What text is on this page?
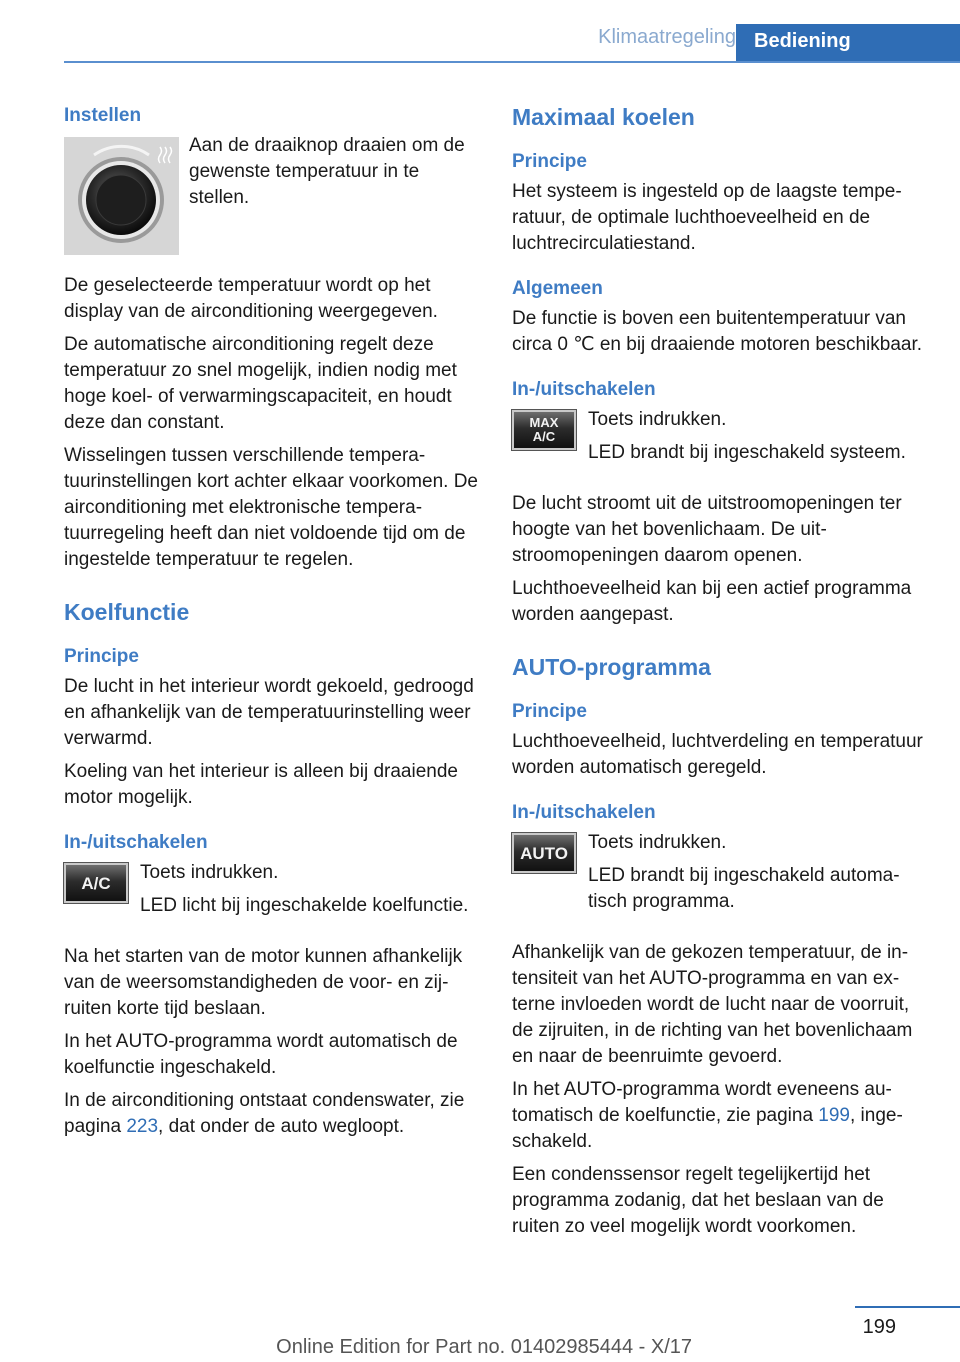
Klimaatregeling Bediening
Instellen

Aan de draaiknop draaien om de gewenste temperatuur in te stellen.

De geselecteerde temperatuur wordt op het display van de airconditioning weergegeven.

De automatische airconditioning regelt deze temperatuur zo snel mogelijk, indien nodig met hoge koel- of verwarmingscapaciteit, en houdt deze dan constant.

Wisselingen tussen verschillende temperatuurinstellingen kort achter elkaar voorkomen. De airconditioning met elektronische temperatuurregeling heeft dan niet voldoende tijd om de ingestelde temperatuur te regelen.

Koelfunctie
Principe

De lucht in het interieur wordt gekoeld, gedroogd en afhankelijk van de temperatuurinstelling weer verwarmd.

Koeling van het interieur is alleen bij draaiende motor mogelijk.

In-/uitschakelen
A/C	Toets indrukken.

LED licht bij ingeschakelde koelfunctie.

Na het starten van de motor kunnen afhankelijk van de weersomstandigheden de voor- en zijruiten korte tijd beslaan.

In het AUTO-programma wordt automatisch de koelfunctie ingeschakeld.

In de airconditioning ontstaat condenswater, zie pagina 223, dat onder de auto wegloopt.

Maximaal koelen
Principe

Het systeem is ingesteld op de laagste temperatuur, de optimale luchthoeveelheid en de luchtrecirculatiestand.

Algemeen

De functie is boven een buitentemperatuur van circa 0 ℃ en bij draaiende motoren beschikbaar.

In-/uitschakelen
MAX
A/C

Toets indrukken.

LED brandt bij ingeschakeld systeem.

De lucht stroomt uit de uitstroomopeningen ter hoogte van het bovenlichaam. De uitstroomopeningen daarom openen.

Luchthoeveelheid kan bij een actief programma worden aangepast.

AUTO-programma
Principe

Luchthoeveelheid, luchtverdeling en temperatuur worden automatisch geregeld.

In-/uitschakelen
AUTO	Toets indrukken.

LED brandt bij ingeschakeld automatisch programma.

Afhankelijk van de gekozen temperatuur, de intensiteit van het AUTO-programma en van externe invloeden wordt de lucht naar de voorruit, de zijruiten, in de richting van het bovenlichaam en naar de beenruimte gevoerd.

In het AUTO-programma wordt eveneens automatisch de koelfunctie, zie pagina 199, ingeschakeld.

Een condenssensor regelt tegelijkertijd het programma zodanig, dat het beslaan van de ruiten zo veel mogelijk wordt voorkomen.

199
Online Edition for Part no. 01402985444 - X/17
